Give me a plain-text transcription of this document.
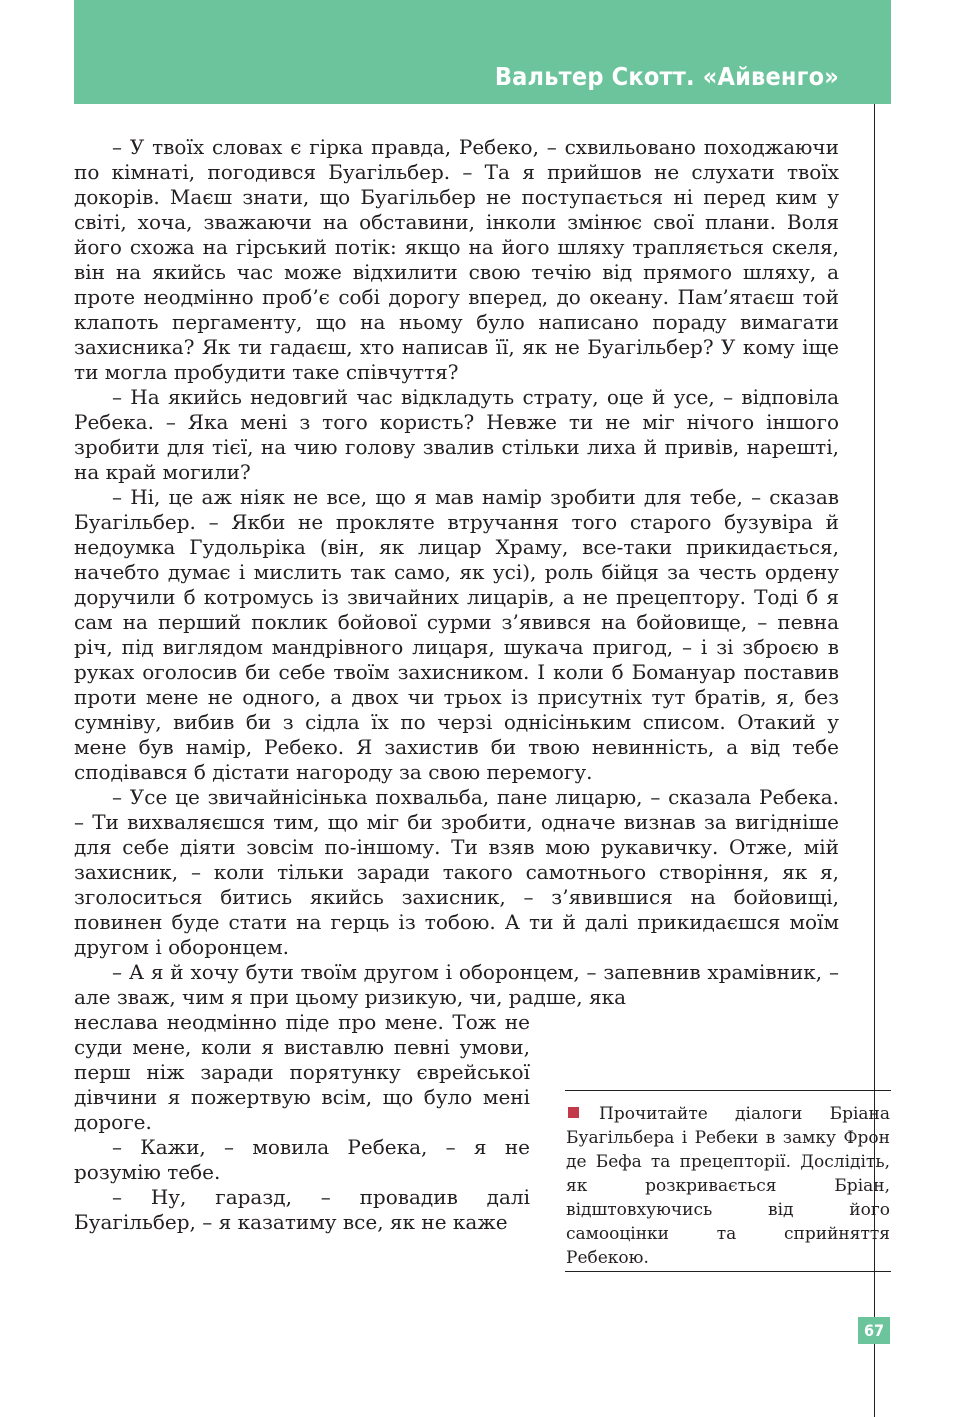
Вальтер Скотт. «Айвенго»

– У твоїх словах є гірка правда, Ребеко, – схвильовано походжаючи по кімнаті, погодився Буагільбер. – Та я прийшов не слухати твоїх докорів. Маєш знати, що Буагільбер не поступається ні перед ким у світі, хоча, зважаючи на обставини, інколи змінює свої плани. Воля його схожа на гірський потік: якщо на його шляху трапляється скеля, він на якийсь час може відхилити свою течію від прямого шляху, а проте неодмінно проб’є собі дорогу вперед, до океану. Пам’ятаєш той клапоть пергаменту, що на ньому було написано пораду вимагати захисника? Як ти гадаєш, хто написав її, як не Буагільбер? У кому іще ти могла пробудити таке співчуття?

– На якийсь недовгий час відкладуть страту, оце й усе, – відповіла Ребека. – Яка мені з того користь? Невже ти не міг нічого іншого зробити для тієї, на чию голову звалив стільки лиха й привів, нарешті, на край могили?

– Ні, це аж ніяк не все, що я мав намір зробити для тебе, – сказав Буагільбер. – Якби не прокляте втручання того старого бузувіра й недоумка Гудольріка (він, як лицар Храму, все-таки прикидається, начебто думає і мислить так само, як усі), роль бійця за честь ордену доручили б котромусь із звичайних лицарів, а не прецептору. Тоді б я сам на перший поклик бойової сурми з’явився на бойовище, – певна річ, під виглядом мандрівного лицаря, шукача пригод, – і зі зброєю в руках оголосив би себе твоїм захисником. І коли б Бомануар поставив проти мене не одного, а двох чи трьох із присутніх тут братів, я, без сумніву, вибив би з сідла їх по черзі однісіньким списом. Отакий у мене був намір, Ребеко. Я захистив би твою невинність, а від тебе сподівався б дістати нагороду за свою перемогу.

– Усе це звичайнісінька похвальба, пане лицарю, – сказала Ребека. – Ти вихваляєшся тим, що міг би зробити, одначе визнав за вигідніше для себе діяти зовсім по-іншому. Ти взяв мою рукавичку. Отже, мій захисник, – коли тільки заради такого самотнього створіння, як я, зголоситься битись якийсь захисник, – з’явившися на бойовищі, повинен буде стати на герць із тобою. А ти й далі прикидаєшся моїм другом і оборонцем.

– А я й хочу бути твоїм другом і оборонцем, – запевнив храмівник, – але зваж, чим я при цьому ризикую, чи, радше, яка

неслава неодмінно піде про мене. Тож не суди мене, коли я виставлю певні умови, перш ніж заради порятунку єврейської дівчини я пожертвую всім, що було мені дороге.

– Кажи, – мовила Ребека, – я не розумію тебе.

– Ну, гаразд, – провадив далі Буагільбер, – я казатиму все, як не каже

Прочитайте діалоги Бріана Буагільбера і Ребеки в замку Фрон де Бефа та прецепторії. Дослідіть, як розкривається Бріан, відштовхуючись від його самооцінки та сприйняття Ребекою.
67
